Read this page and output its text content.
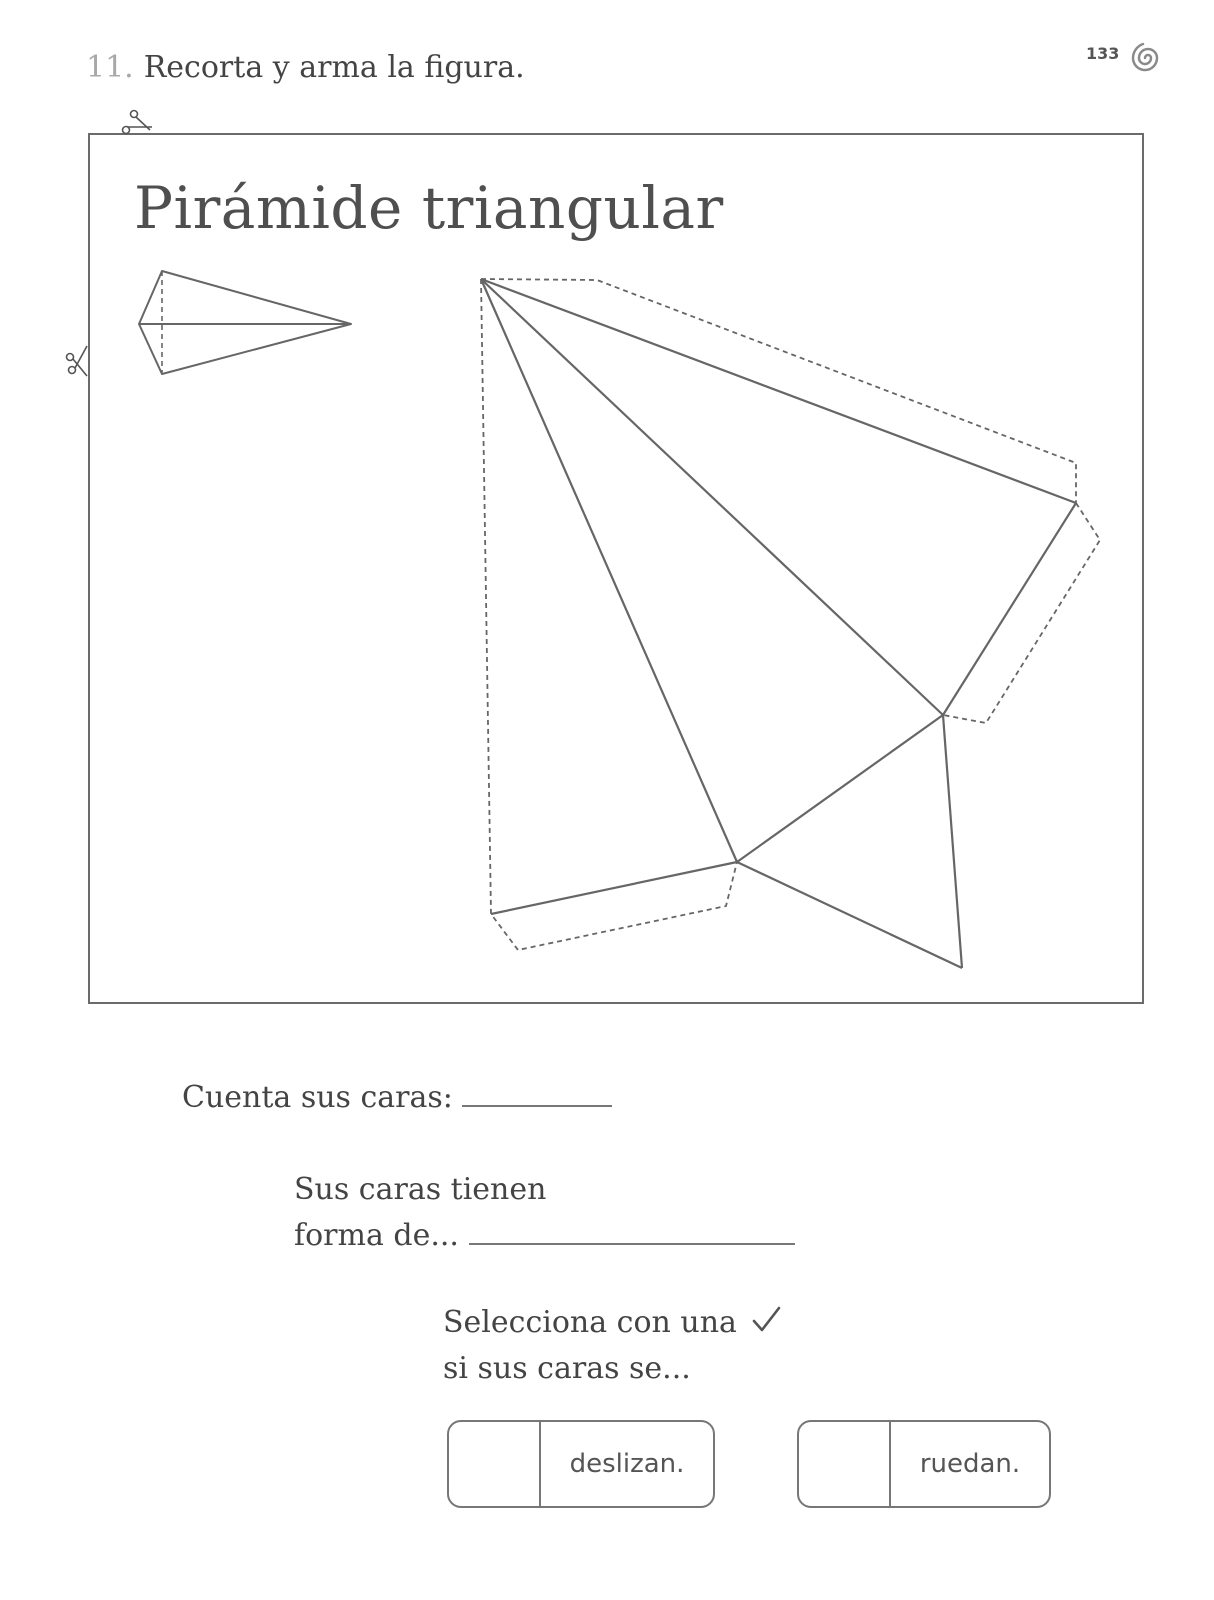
11. Recorta y arma la figura.	133
Pirámide triangular
Cuenta sus caras:
Sus caras tienen
forma de...
Selecciona con una
si sus caras se...
deslizan.	ruedan.
